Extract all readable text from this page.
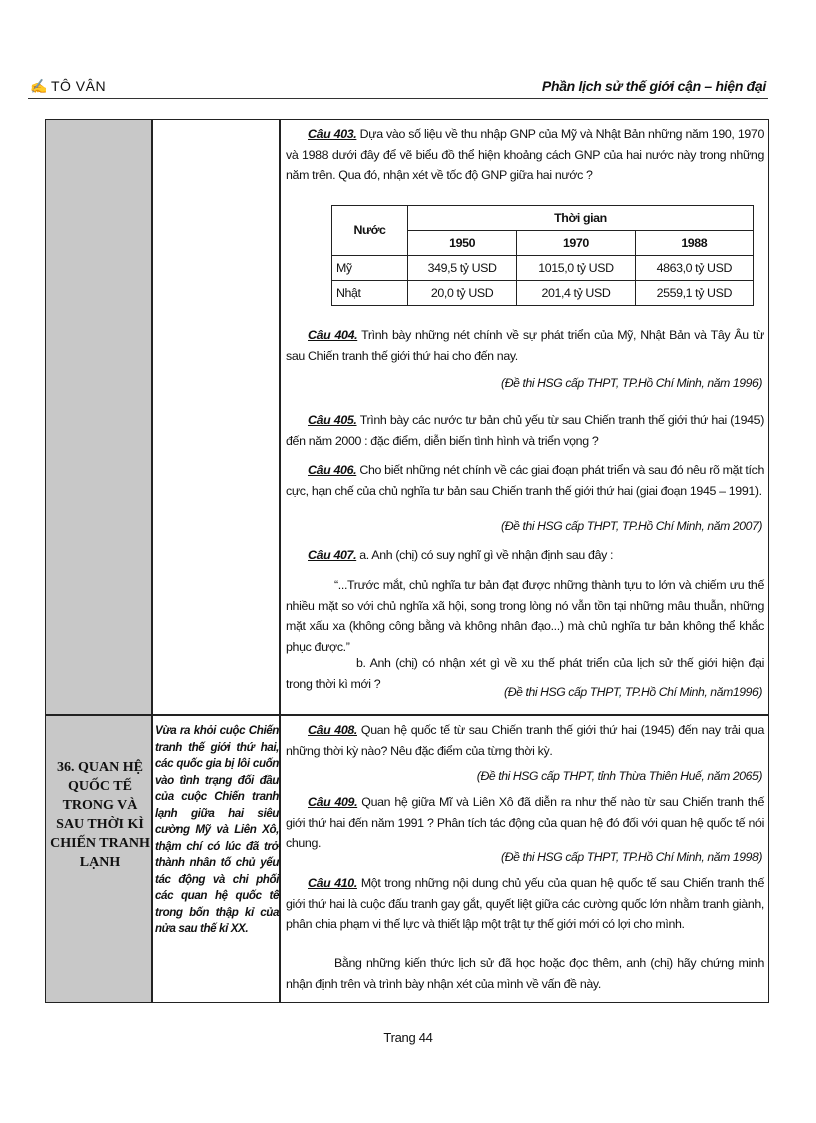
✍ TÔ VÂN	Phần lịch sử thế giới cận – hiện đại
36. QUAN HỆ QUỐC TẾ TRONG VÀ SAU THỜI KÌ CHIẾN TRANH LẠNH
Vừa ra khỏi cuộc Chiến tranh thế giới thứ hai, các quốc gia bị lôi cuốn vào tình trạng đối đầu của cuộc Chiến tranh lạnh giữa hai siêu cường Mỹ và Liên Xô, thậm chí có lúc đã trở thành nhân tố chủ yếu tác động và chi phối các quan hệ quốc tế trong bốn thập kỉ của nửa sau thế kỉ XX.
Câu 403. Dựa vào số liệu về thu nhập GNP của Mỹ và Nhật Bản những năm 190, 1970 và 1988 dưới đây để vẽ biểu đồ thể hiện khoảng cách GNP của hai nước này trong những năm trên. Qua đó, nhận xét về tốc độ GNP giữa hai nước ?
Nước	Thời gian		
	1950	1970	1988
Mỹ	349,5 tỷ USD	1015,0 tỷ USD	4863,0 tỷ USD
Nhật	20,0 tỷ USD	201,4 tỷ USD	2559,1 tỷ USD
Câu 404. Trình bày những nét chính về sự phát triển của Mỹ, Nhật Bản và Tây Âu từ sau Chiến tranh thế giới thứ hai cho đến nay.
(Đề thi HSG cấp THPT, TP.Hồ Chí Minh, năm 1996)
Câu 405. Trình bày các nước tư bản chủ yếu từ sau Chiến tranh thế giới thứ hai (1945) đến năm 2000 : đặc điểm, diễn biến tình hình và triển vọng ?
Câu 406. Cho biết những nét chính về các giai đoạn phát triển và sau đó nêu rõ mặt tích cực, hạn chế của chủ nghĩa tư bản sau Chiến tranh thế giới thứ hai (giai đoạn 1945 – 1991).
(Đề thi HSG cấp THPT, TP.Hồ Chí Minh, năm 2007)
Câu 407. a. Anh (chị) có suy nghĩ gì về nhận định sau đây :
“...Trước mắt, chủ nghĩa tư bản đạt được những thành tựu to lớn và chiếm ưu thế nhiều mặt so với chủ nghĩa xã hội, song trong lòng nó vẫn tồn tại những mâu thuẫn, những mặt xấu xa (không công bằng và không nhân đạo...) mà chủ nghĩa tư bản không thể khắc phục được.”
b. Anh (chị) có nhận xét gì về xu thế phát triển của lịch sử thế giới hiện đại trong thời kì mới ?
(Đề thi HSG cấp THPT, TP.Hồ Chí Minh, năm1996)
Câu 408. Quan hệ quốc tế từ sau Chiến tranh thế giới thứ hai (1945) đến nay trải qua những thời kỳ nào? Nêu đặc điểm của từng thời kỳ.
(Đề thi HSG cấp THPT, tỉnh Thừa Thiên Huế, năm 2065)
Câu 409. Quan hệ giữa Mĩ và Liên Xô đã diễn ra như thế nào từ sau Chiến tranh thế giới thứ hai đến năm 1991 ? Phân tích tác động của quan hệ đó đối với quan hệ quốc tế nói chung.
(Đề thi HSG cấp THPT, TP.Hồ Chí Minh, năm 1998)
Câu 410. Một trong những nội dung chủ yếu của quan hệ quốc tế sau Chiến tranh thế giới thứ hai là cuộc đấu tranh gay gắt, quyết liệt giữa các cường quốc lớn nhằm tranh giành, phân chia phạm vi thế lực và thiết lập một trật tự thế giới mới có lợi cho mình.
Bằng những kiến thức lịch sử đã học hoặc đọc thêm, anh (chị) hãy chứng minh nhận định trên và trình bày nhận xét của mình về vấn đề này.
Trang 44
